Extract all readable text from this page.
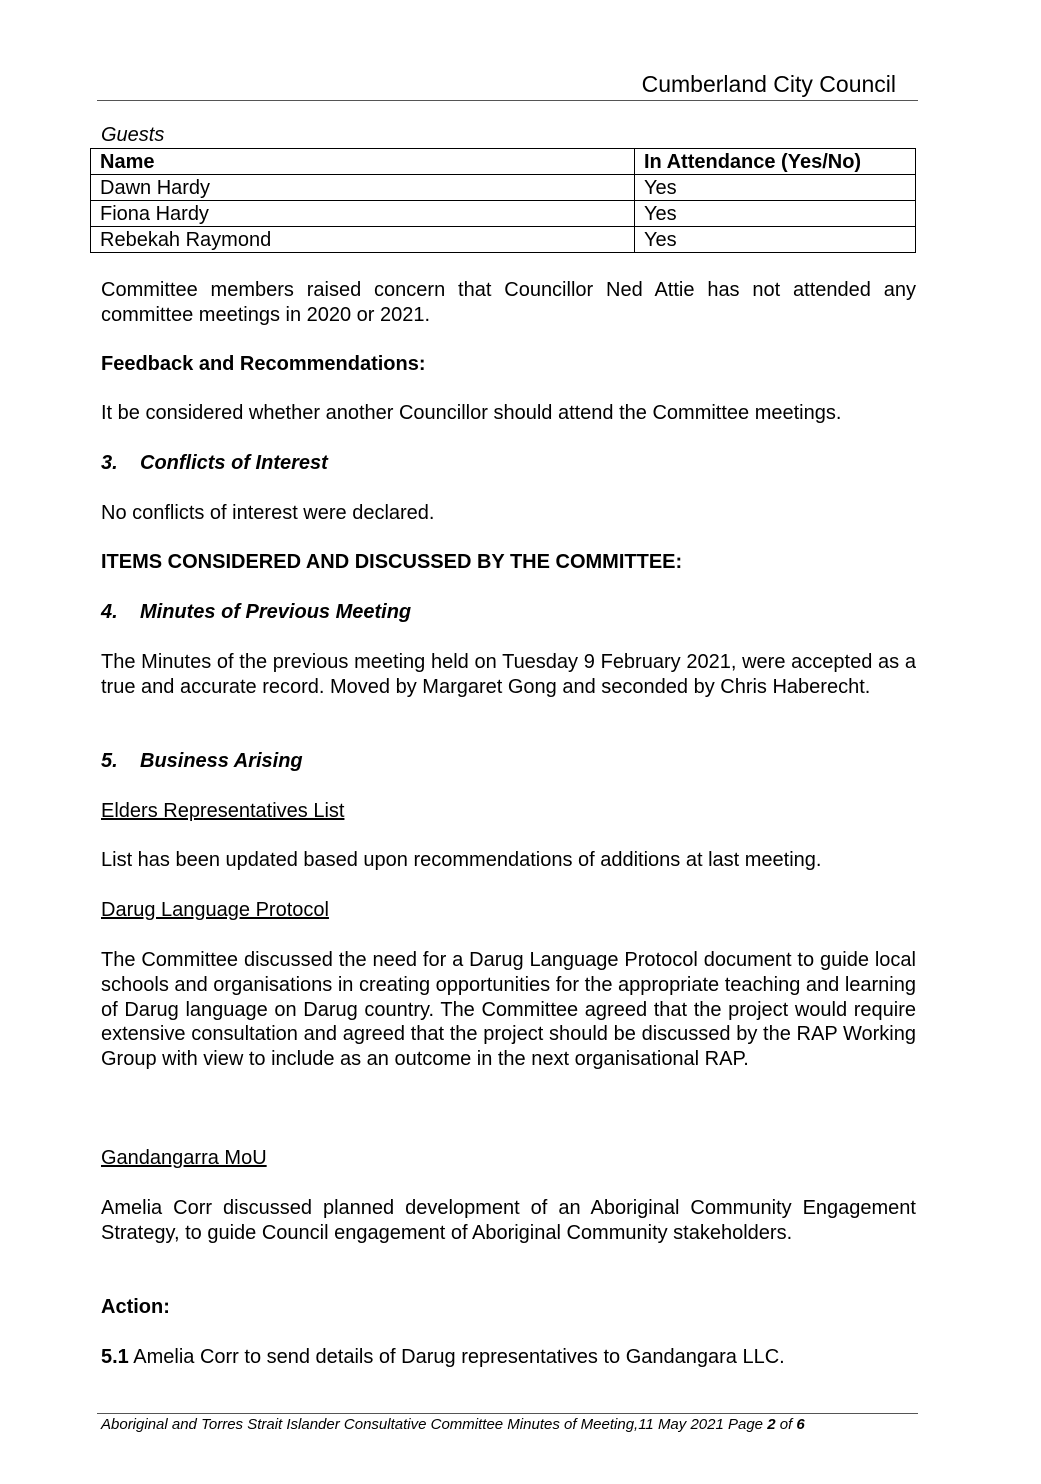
Cumberland City Council
Guests
Name	In Attendance (Yes/No)
Dawn Hardy	Yes
Fiona Hardy	Yes
Rebekah Raymond	Yes
Committee members raised concern that Councillor Ned Attie has not attended any committee meetings in 2020 or 2021.
Feedback and Recommendations:
It be considered whether another Councillor should attend the Committee meetings.
3. Conflicts of Interest
No conflicts of interest were declared.
ITEMS CONSIDERED AND DISCUSSED BY THE COMMITTEE:
4. Minutes of Previous Meeting
The Minutes of the previous meeting held on Tuesday 9 February 2021, were accepted as a true and accurate record. Moved by Margaret Gong and seconded by Chris Haberecht.
5. Business Arising
Elders Representatives List
List has been updated based upon recommendations of additions at last meeting.
Darug Language Protocol
The Committee discussed the need for a Darug Language Protocol document to guide local schools and organisations in creating opportunities for the appropriate teaching and learning of Darug language on Darug country. The Committee agreed that the project would require extensive consultation and agreed that the project should be discussed by the RAP Working Group with view to include as an outcome in the next organisational RAP.
Gandangarra MoU
Amelia Corr discussed planned development of an Aboriginal Community Engagement Strategy, to guide Council engagement of Aboriginal Community stakeholders.
Action:
5.1 Amelia Corr to send details of Darug representatives to Gandangara LLC.
Aboriginal and Torres Strait Islander Consultative Committee Minutes of Meeting,11 May 2021 Page 2 of 6
